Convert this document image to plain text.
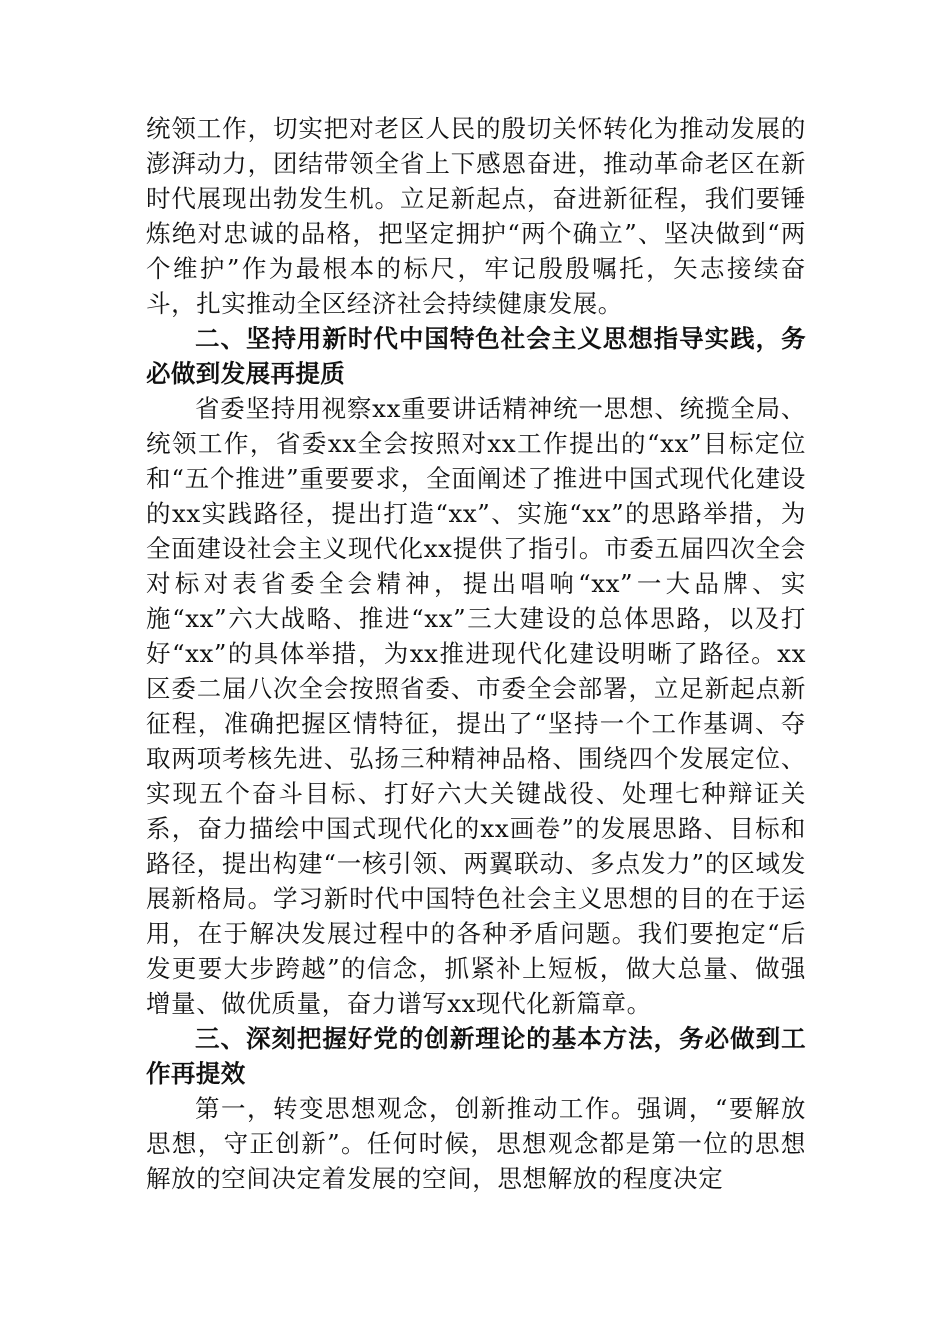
统领工作，切实把对老区人民的殷切关怀转化为推动发展的澎湃动力，团结带领全省上下感恩奋进，推动革命老区在新时代展现出勃发生机。立足新起点，奋进新征程，我们要锤炼绝对忠诚的品格，把坚定拥护“两个确立”、坚决做到“两个维护”作为最根本的标尺，牢记殷殷嘱托，矢志接续奋斗，扎实推动全区经济社会持续健康发展。

二、坚持用新时代中国特色社会主义思想指导实践，务必做到发展再提质

省委坚持用视察xx重要讲话精神统一思想、统揽全局、统领工作，省委xx全会按照对xx工作提出的“xx”目标定位和“五个推进”重要要求，全面阐述了推进中国式现代化建设的xx实践路径，提出打造“xx”、实施“xx”的思路举措，为全面建设社会主义现代化xx提供了指引。市委五届四次全会对标对表省委全会精神，提出唱响“xx”一大品牌、实施“xx”六大战略、推进“xx”三大建设的总体思路，以及打好“xx”的具体举措，为xx推进现代化建设明晰了路径。xx区委二届八次全会按照省委、市委全会部署，立足新起点新征程，准确把握区情特征，提出了“坚持一个工作基调、夺取两项考核先进、弘扬三种精神品格、围绕四个发展定位、实现五个奋斗目标、打好六大关键战役、处理七种辩证关系，奋力描绘中国式现代化的xx画卷”的发展思路、目标和路径，提出构建“一核引领、两翼联动、多点发力”的区域发展新格局。学习新时代中国特色社会主义思想的目的在于运用，在于解决发展过程中的各种矛盾问题。我们要抱定“后发更要大步跨越”的信念，抓紧补上短板，做大总量、做强增量、做优质量，奋力谱写xx现代化新篇章。

三、深刻把握好党的创新理论的基本方法，务必做到工作再提效

第一，转变思想观念，创新推动工作。强调，“要解放思想，守正创新”。任何时候，思想观念都是第一位的思想解放的空间决定着发展的空间，思想解放的程度决定
